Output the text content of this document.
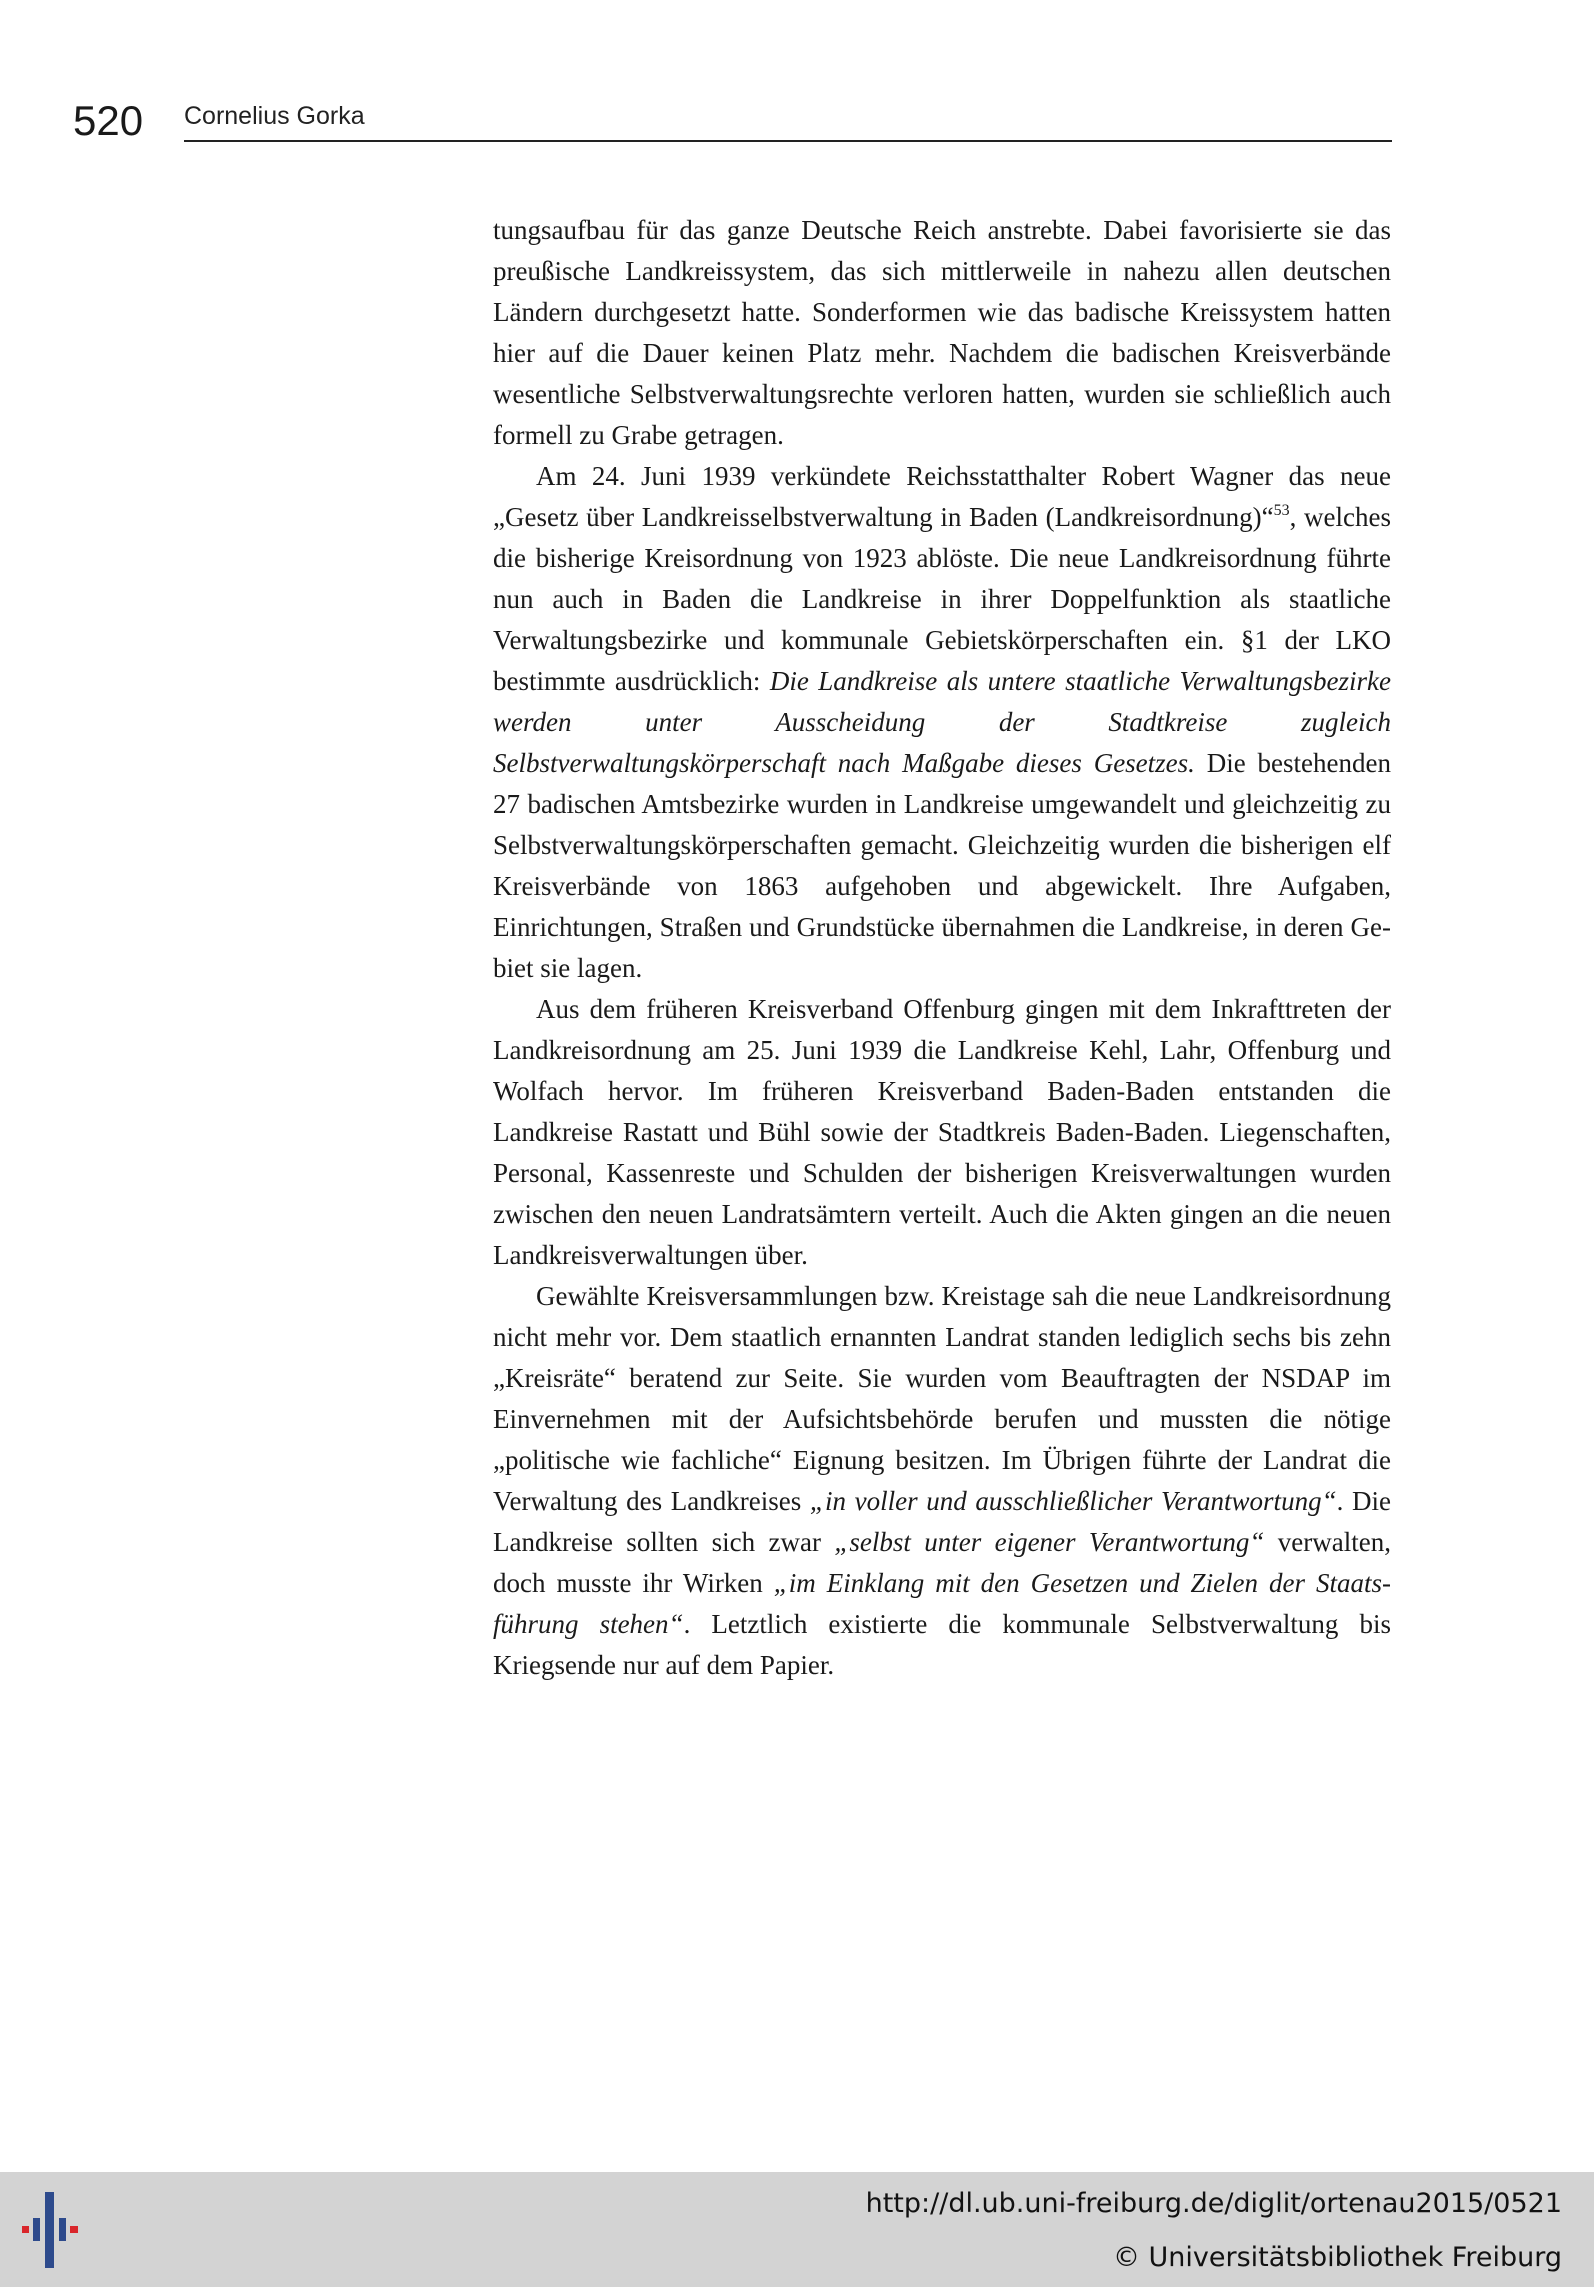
520 Cornelius Gorka

tungsaufbau für das ganze Deutsche Reich anstrebte. Dabei favorisierte sie das preußische Landkreissystem, das sich mittlerweile in nahezu allen deutschen Ländern durchgesetzt hatte. Sonderformen wie das badische Kreissystem hatten hier auf die Dauer keinen Platz mehr. Nachdem die badischen Kreisverbände wesentliche Selbstverwaltungsrechte verloren hatten, wurden sie schließlich auch formell zu Grabe getragen.

Am 24. Juni 1939 verkündete Reichsstatthalter Robert Wagner das neue „Gesetz über Landkreisselbstverwaltung in Baden (Landkreisordnung)“$^{53}$, welches die bisherige Kreisordnung von 1923 ablöste. Die neue Landkreisordnung führte nun auch in Baden die Landkreise in ihrer Doppelfunktion als staatliche Verwaltungsbezirke und kommunale Gebietskörperschaften ein. §1 der LKO bestimmte ausdrücklich: Die Landkreise als untere staatliche Verwaltungsbezirke werden unter Ausscheidung der Stadtkreise zugleich Selbstverwaltungskörperschaft nach Maßgabe dieses Gesetzes. Die bestehenden 27 badischen Amtsbezirke wurden in Landkreise umgewandelt und gleichzeitig zu Selbstverwaltungskörperschaften gemacht. Gleichzeitig wurden die bisherigen elf Kreisverbände von 1863 aufgehoben und abgewickelt. Ihre Aufgaben, Einrichtungen, Straßen und Grundstücke übernahmen die Landkreise, in deren Gebiet sie lagen.

Aus dem früheren Kreisverband Offenburg gingen mit dem Inkrafttreten der Landkreisordnung am 25. Juni 1939 die Landkreise Kehl, Lahr, Offenburg und Wolfach hervor. Im früheren Kreisverband Baden-Baden entstanden die Landkreise Rastatt und Bühl sowie der Stadtkreis Baden-Baden. Liegenschaften, Personal, Kassenreste und Schulden der bisherigen Kreisverwaltungen wurden zwischen den neuen Landratsämtern verteilt. Auch die Akten gingen an die neuen Landkreisverwaltungen über.

Gewählte Kreisversammlungen bzw. Kreistage sah die neue Landkreisordnung nicht mehr vor. Dem staatlich ernannten Landrat standen lediglich sechs bis zehn „Kreisräte“ beratend zur Seite. Sie wurden vom Beauftragten der NSDAP im Einvernehmen mit der Aufsichtsbehörde berufen und mussten die nötige „politische wie fachliche“ Eignung besitzen. Im Übrigen führte der Landrat die Verwaltung des Landkreises „in voller und ausschließlicher Verantwortung“. Die Landkreise sollten sich zwar „selbst unter eigener Verantwortung“ verwalten, doch musste ihr Wirken „im Einklang mit den Gesetzen und Zielen der Staatsführung stehen“. Letztlich existierte die kommunale Selbstverwaltung bis Kriegsende nur auf dem Papier.

http://dl.ub.uni-freiburg.de/diglit/ortenau2015/0521
© Universitätsbibliothek Freiburg
